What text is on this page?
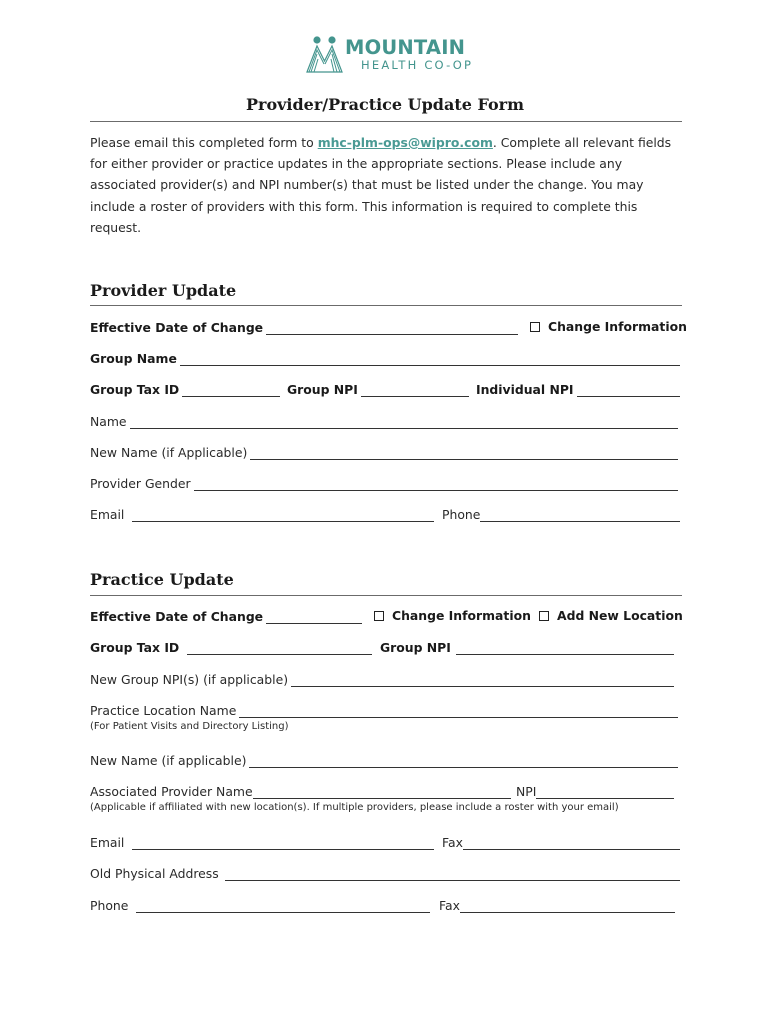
MOUNTAIN
HEALTH CO-OP
Provider/Practice Update Form
Please email this completed form to mhc-plm-ops@wipro.com. Complete all relevant fields for either provider or practice updates in the appropriate sections. Please include any associated provider(s) and NPI number(s) that must be listed under the change. You may include a roster of providers with this form. This information is required to complete this request.
Provider Update
Effective Date of Change	Change Information
Group Name
Group Tax ID	Group NPI	Individual NPI
Name
New Name (if Applicable)
Provider Gender
Email	Phone
Practice Update
Effective Date of Change	Change Information Add New Location
Group Tax ID	Group NPI
New Group NPI(s) (if applicable)
Practice Location Name
(For Patient Visits and Directory Listing)
New Name (if applicable)
Associated Provider Name	NPI
(Applicable if affiliated with new location(s). If multiple providers, please include a roster with your email)
Email	Fax
Old Physical Address
Phone	Fax
